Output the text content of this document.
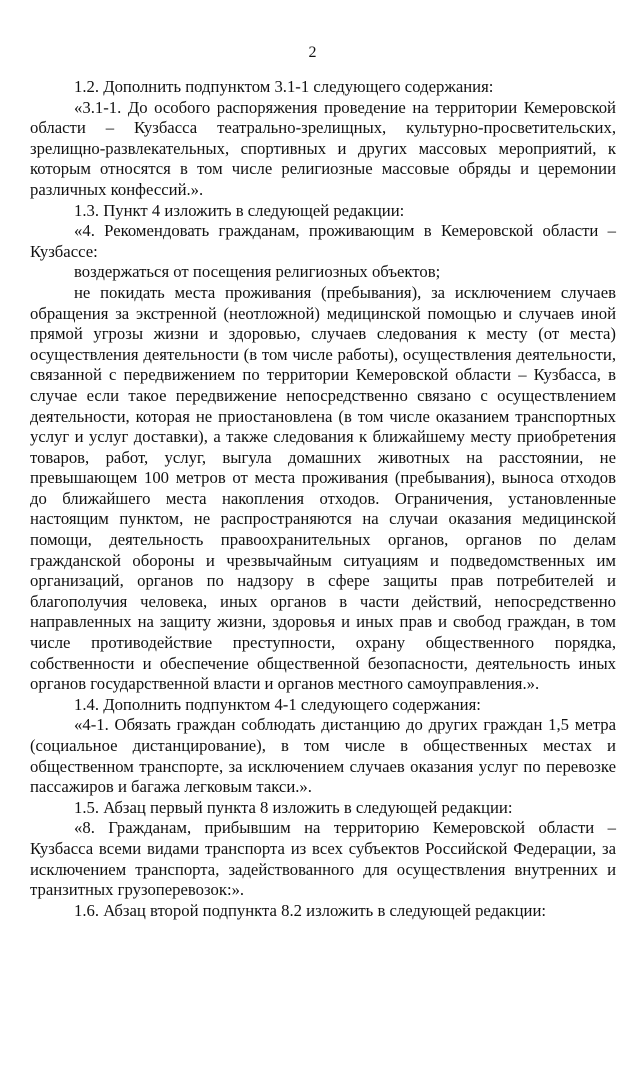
2

1.2. Дополнить подпунктом 3.1-1 следующего содержания:

«3.1-1. До особого распоряжения проведение на территории Кемеровской области – Кузбасса театрально-зрелищных, культурно-просветительских, зрелищно-развлекательных, спортивных и других массовых мероприятий, к которым относятся в том числе религиозные массовые обряды и церемонии различных конфессий.».

1.3. Пункт 4 изложить в следующей редакции:

«4. Рекомендовать гражданам, проживающим в Кемеровской области – Кузбассе:

воздержаться от посещения религиозных объектов;

не покидать места проживания (пребывания), за исключением случаев обращения за экстренной (неотложной) медицинской помощью и случаев иной прямой угрозы жизни и здоровью, случаев следования к месту (от места) осуществления деятельности (в том числе работы), осуществления деятельности, связанной с передвижением по территории Кемеровской области – Кузбасса, в случае если такое передвижение непосредственно связано с осуществлением деятельности, которая не приостановлена (в том числе оказанием транспортных услуг и услуг доставки), а также следования к ближайшему месту приобретения товаров, работ, услуг, выгула домашних животных на расстоянии, не превышающем 100 метров от места проживания (пребывания), выноса отходов до ближайшего места накопления отходов. Ограничения, установленные настоящим пунктом, не распространяются на случаи оказания медицинской помощи, деятельность правоохранительных органов, органов по делам гражданской обороны и чрезвычайным ситуациям и подведомственных им организаций, органов по надзору в сфере защиты прав потребителей и благополучия человека, иных органов в части действий, непосредственно направленных на защиту жизни, здоровья и иных прав и свобод граждан, в том числе противодействие преступности, охрану общественного порядка, собственности и обеспечение общественной безопасности, деятельность иных органов государственной власти и органов местного самоуправления.».

1.4. Дополнить подпунктом 4-1 следующего содержания:

«4-1. Обязать граждан соблюдать дистанцию до других граждан 1,5 метра (социальное дистанцирование), в том числе в общественных местах и общественном транспорте, за исключением случаев оказания услуг по перевозке пассажиров и багажа легковым такси.».

1.5. Абзац первый пункта 8 изложить в следующей редакции:

«8. Гражданам, прибывшим на территорию Кемеровской области – Кузбасса всеми видами транспорта из всех субъектов Российской Федерации, за исключением транспорта, задействованного для осуществления внутренних и транзитных грузоперевозок:».

1.6. Абзац второй подпункта 8.2 изложить в следующей редакции:
